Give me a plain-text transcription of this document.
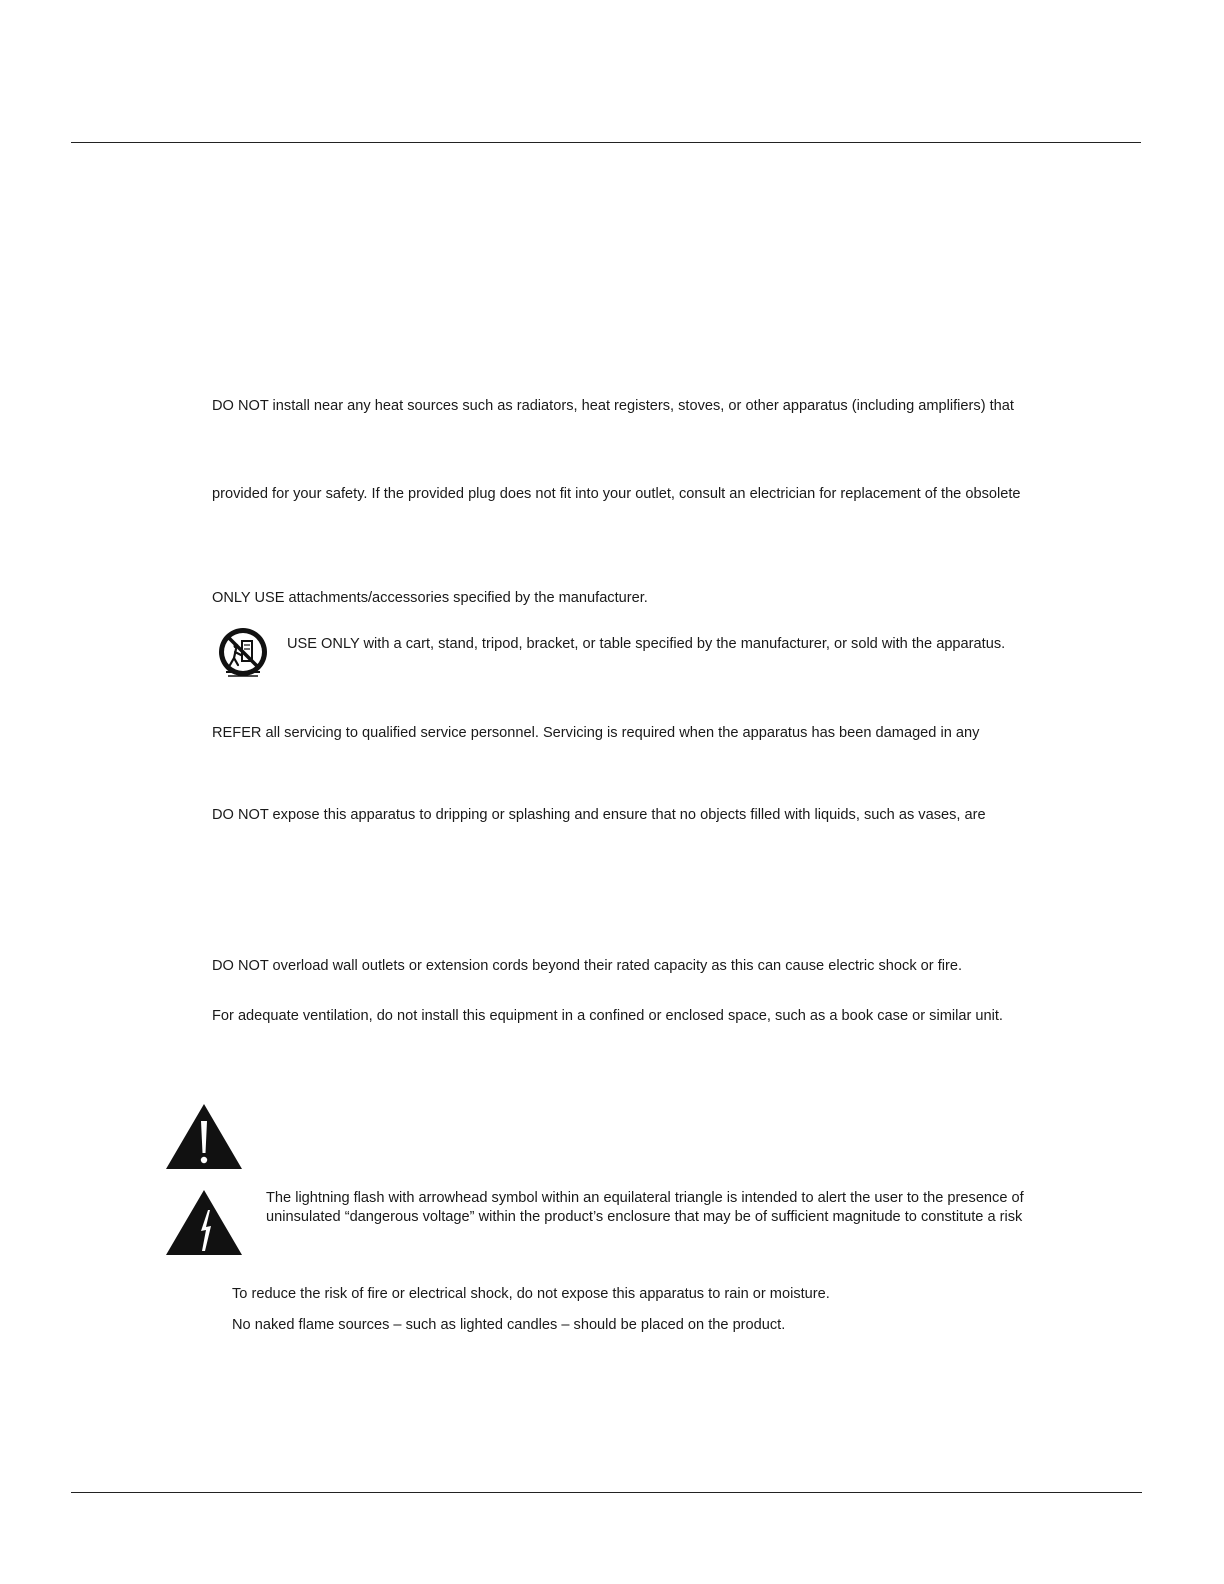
DO NOT install near any heat sources such as radiators, heat registers, stoves, or other apparatus (including amplifiers) that
provided for your safety. If the provided plug does not fit into your outlet, consult an electrician for replacement of the obsolete
ONLY USE attachments/accessories specified by the manufacturer.
USE ONLY with a cart, stand, tripod, bracket, or table specified by the manufacturer, or sold with the apparatus.
REFER all servicing to qualified service personnel. Servicing is required when the apparatus has been damaged in any
DO NOT expose this apparatus to dripping or splashing and ensure that no objects filled with liquids, such as vases, are
DO NOT overload wall outlets or extension cords beyond their rated capacity as this can cause electric shock or fire.
For adequate ventilation, do not install this equipment in a confined or enclosed space, such as a book case or similar unit.
The lightning flash with arrowhead symbol within an equilateral triangle is intended to alert the user to the presence of
uninsulated “dangerous voltage” within the product’s enclosure that may be of sufficient magnitude to constitute a risk
To reduce the risk of fire or electrical shock, do not expose this apparatus to rain or moisture.
No naked flame sources – such as lighted candles – should be placed on the product.
